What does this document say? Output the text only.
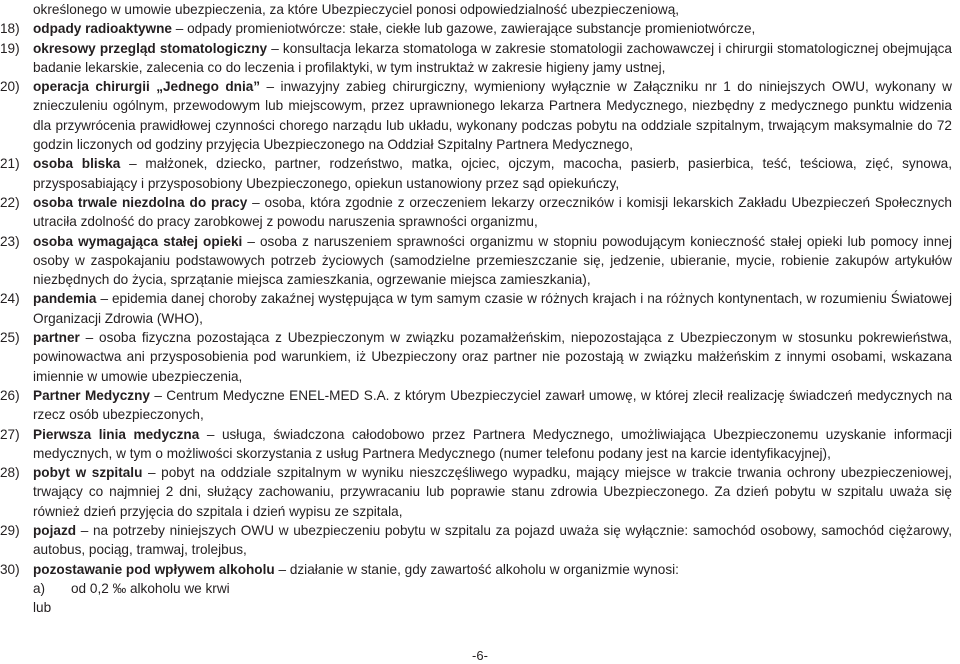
określonego w umowie ubezpieczenia, za które Ubezpieczyciel ponosi odpowiedzialność ubezpieczeniową,
18) odpady radioaktywne – odpady promieniotwórcze: stałe, ciekłe lub gazowe, zawierające substancje promieniotwórcze,
19) okresowy przegląd stomatologiczny – konsultacja lekarza stomatologa w zakresie stomatologii zachowawczej i chirurgii stomatologicznej obejmująca badanie lekarskie, zalecenia co do leczenia i profilaktyki, w tym instruktaż w zakresie higieny jamy ustnej,
20) operacja chirurgii „Jednego dnia” – inwazyjny zabieg chirurgiczny, wymieniony wyłącznie w Załączniku nr 1 do niniejszych OWU, wykonany w znieczuleniu ogólnym, przewodowym lub miejscowym, przez uprawnionego lekarza Partnera Medycznego, niezbędny z medycznego punktu widzenia dla przywrócenia prawidłowej czynności chorego narządu lub układu, wykonany podczas pobytu na oddziale szpitalnym, trwającym maksymalnie do 72 godzin liczonych od godziny przyjęcia Ubezpieczonego na Oddział Szpitalny Partnera Medycznego,
21) osoba bliska – małżonek, dziecko, partner, rodzeństwo, matka, ojciec, ojczym, macocha, pasierb, pasierbica, teść, teściowa, zięć, synowa, przysposabiający i przysposobiony Ubezpieczonego, opiekun ustanowiony przez sąd opiekuńczy,
22) osoba trwale niezdolna do pracy – osoba, która zgodnie z orzeczeniem lekarzy orzeczników i komisji lekarskich Zakładu Ubezpieczeń Społecznych utraciła zdolność do pracy zarobkowej z powodu naruszenia sprawności organizmu,
23) osoba wymagająca stałej opieki – osoba z naruszeniem sprawności organizmu w stopniu powodującym konieczność stałej opieki lub pomocy innej osoby w zaspokajaniu podstawowych potrzeb życiowych (samodzielne przemieszczanie się, jedzenie, ubieranie, mycie, robienie zakupów artykułów niezbędnych do życia, sprzątanie miejsca zamieszkania, ogrzewanie miejsca zamieszkania),
24) pandemia – epidemia danej choroby zakaźnej występująca w tym samym czasie w różnych krajach i na różnych kontynentach, w rozumieniu Światowej Organizacji Zdrowia (WHO),
25) partner – osoba fizyczna pozostająca z Ubezpieczonym w związku pozamałżeńskim, niepozostająca z Ubezpieczonym w stosunku pokrewieństwa, powinowactwa ani przysposobienia pod warunkiem, iż Ubezpieczony oraz partner nie pozostają w związku małżeńskim z innymi osobami, wskazana imiennie w umowie ubezpieczenia,
26) Partner Medyczny – Centrum Medyczne ENEL-MED S.A. z którym Ubezpieczyciel zawarł umowę, w której zlecił realizację świadczeń medycznych na rzecz osób ubezpieczonych,
27) Pierwsza linia medyczna – usługa, świadczona całodobowo przez Partnera Medycznego, umożliwiająca Ubezpieczonemu uzyskanie informacji medycznych, w tym o możliwości skorzystania z usług Partnera Medycznego (numer telefonu podany jest na karcie identyfikacyjnej),
28) pobyt w szpitalu – pobyt na oddziale szpitalnym w wyniku nieszczęśliwego wypadku, mający miejsce w trakcie trwania ochrony ubezpieczeniowej, trwający co najmniej 2 dni, służący zachowaniu, przywracaniu lub poprawie stanu zdrowia Ubezpieczonego. Za dzień pobytu w szpitalu uważa się również dzień przyjęcia do szpitala i dzień wypisu ze szpitala,
29) pojazd – na potrzeby niniejszych OWU w ubezpieczeniu pobytu w szpitalu za pojazd uważa się wyłącznie: samochód osobowy, samochód ciężarowy, autobus, pociąg, tramwaj, trolejbus,
30) pozostawanie pod wpływem alkoholu – działanie w stanie, gdy zawartość alkoholu w organizmie wynosi:
a) od 0,2 ‰ alkoholu we krwi
lub
-6-
